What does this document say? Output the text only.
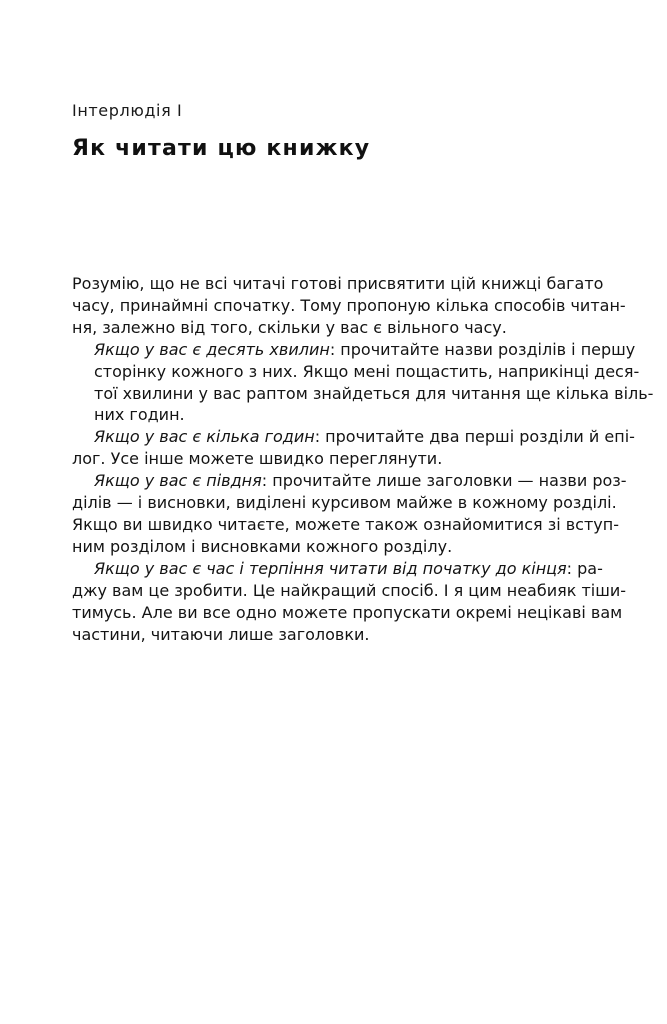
Інтерлюдія І
Як читати цю книжку
Розумію, що не всі читачі готові присвятити цій книжці багато
часу, принаймні спочатку. Тому пропоную кілька способів читан-
ня, залежно від того, скільки у вас є вільного часу.
Якщо у вас є десять хвилин: прочитайте назви розділів і першу
сторінку кожного з них. Якщо мені пощастить, наприкінці деся-
тої хвилини у вас раптом знайдеться для читання ще кілька віль-
них годин.
Якщо у вас є кілька годин: прочитайте два перші розділи й епі-
лог. Усе інше можете швидко переглянути.
Якщо у вас є півдня: прочитайте лише заголовки — назви роз-
ділів — і висновки, виділені курсивом майже в кожному розділі.
Якщо ви швидко читаєте, можете також ознайомитися зі вступ-
ним розділом і висновками кожного розділу.
Якщо у вас є час і терпіння читати від початку до кінця: ра-
джу вам це зробити. Це найкращий спосіб. І я цим неабияк тіши-
тимусь. Але ви все одно можете пропускати окремі нецікаві вам
частини, читаючи лише заголовки.
